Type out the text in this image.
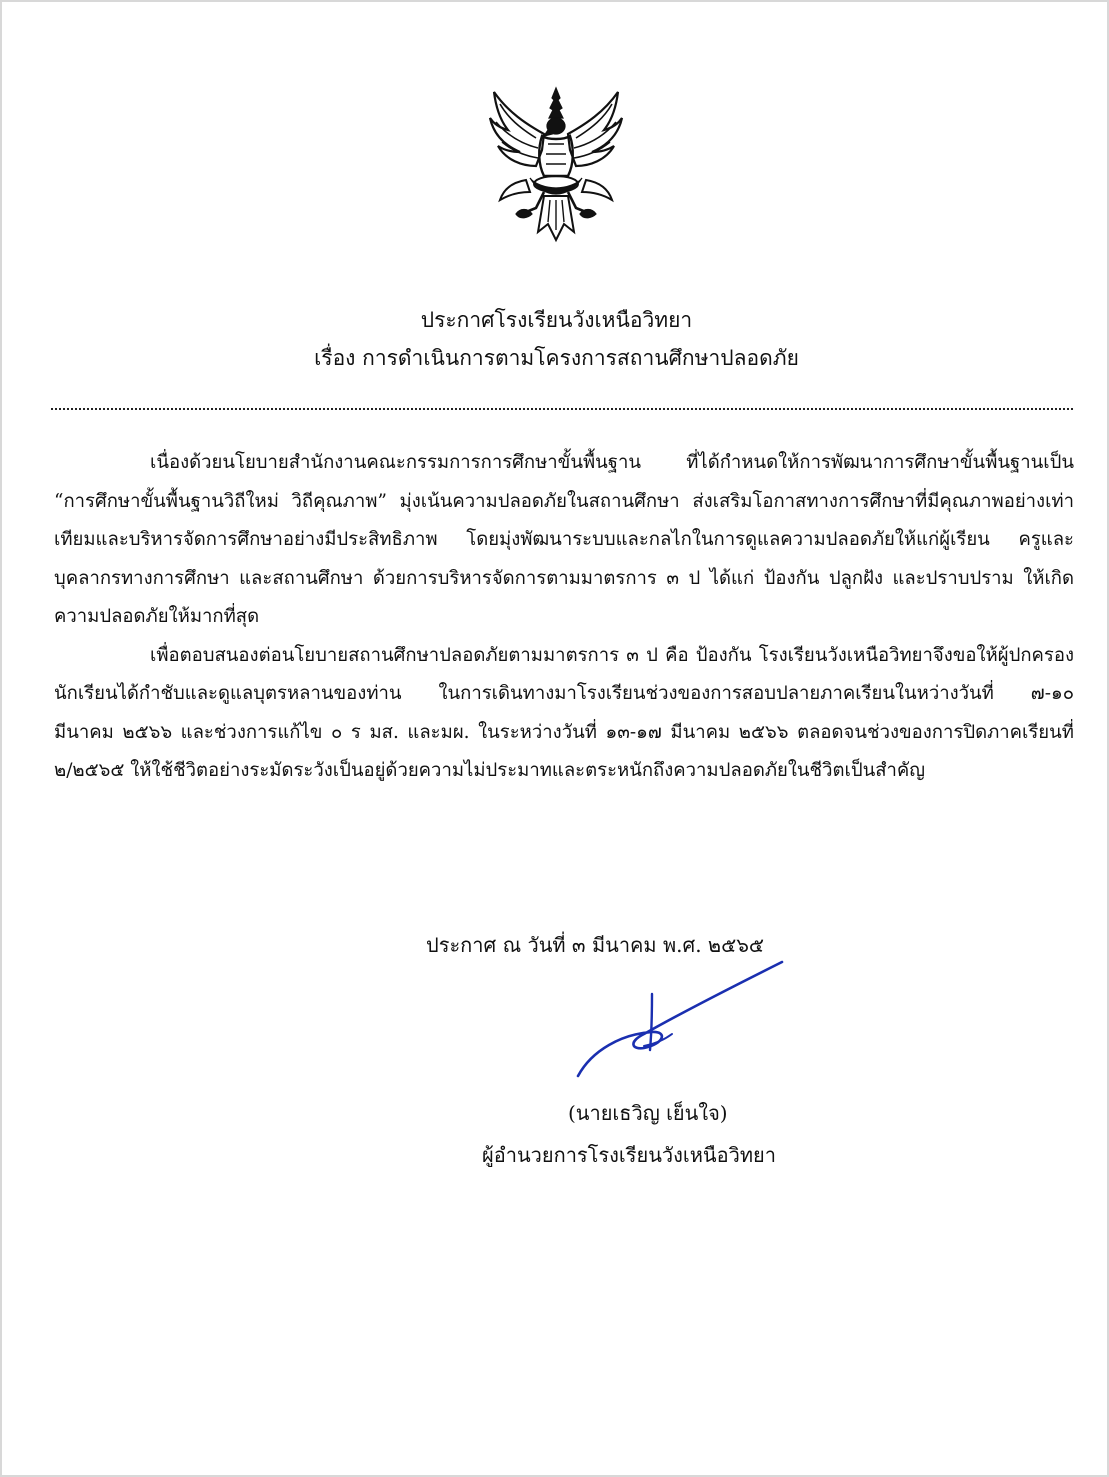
ประกาศโรงเรียนวังเหนือวิทยา
เรื่อง การดำเนินการตามโครงการสถานศึกษาปลอดภัย

เนื่องด้วยนโยบายสำนักงานคณะกรรมการการศึกษาขั้นพื้นฐาน ที่ได้กำหนดให้การพัฒนาการศึกษาขั้นพื้นฐานเป็น “การศึกษาขั้นพื้นฐานวิถีใหม่ วิถีคุณภาพ” มุ่งเน้นความปลอดภัยในสถานศึกษา ส่งเสริมโอกาสทางการศึกษาที่มีคุณภาพอย่างเท่าเทียมและบริหารจัดการศึกษาอย่างมีประสิทธิภาพ โดยมุ่งพัฒนาระบบและกลไกในการดูแลความปลอดภัยให้แก่ผู้เรียน ครูและบุคลากรทางการศึกษา และสถานศึกษา ด้วยการบริหารจัดการตามมาตรการ ๓ ป ได้แก่ ป้องกัน ปลูกฝัง และปราบปราม ให้เกิดความปลอดภัยให้มากที่สุด

เพื่อตอบสนองต่อนโยบายสถานศึกษาปลอดภัยตามมาตรการ ๓ ป คือ ป้องกัน โรงเรียนวังเหนือวิทยาจึงขอให้ผู้ปกครองนักเรียนได้กำชับและดูแลบุตรหลานของท่าน ในการเดินทางมาโรงเรียนช่วงของการสอบปลายภาคเรียนในหว่างวันที่ ๗-๑๐ มีนาคม ๒๕๖๖ และช่วงการแก้ไข ๐ ร มส. และมผ. ในระหว่างวันที่ ๑๓-๑๗ มีนาคม ๒๕๖๖ ตลอดจนช่วงของการปิดภาคเรียนที่ ๒/๒๕๖๕ ให้ใช้ชีวิตอย่างระมัดระวังเป็นอยู่ด้วยความไม่ประมาทและตระหนักถึงความปลอดภัยในชีวิตเป็นสำคัญ

ประกาศ ณ วันที่ ๓ มีนาคม พ.ศ. ๒๕๖๕
(นายเธวิญ เย็นใจ)
ผู้อำนวยการโรงเรียนวังเหนือวิทยา
